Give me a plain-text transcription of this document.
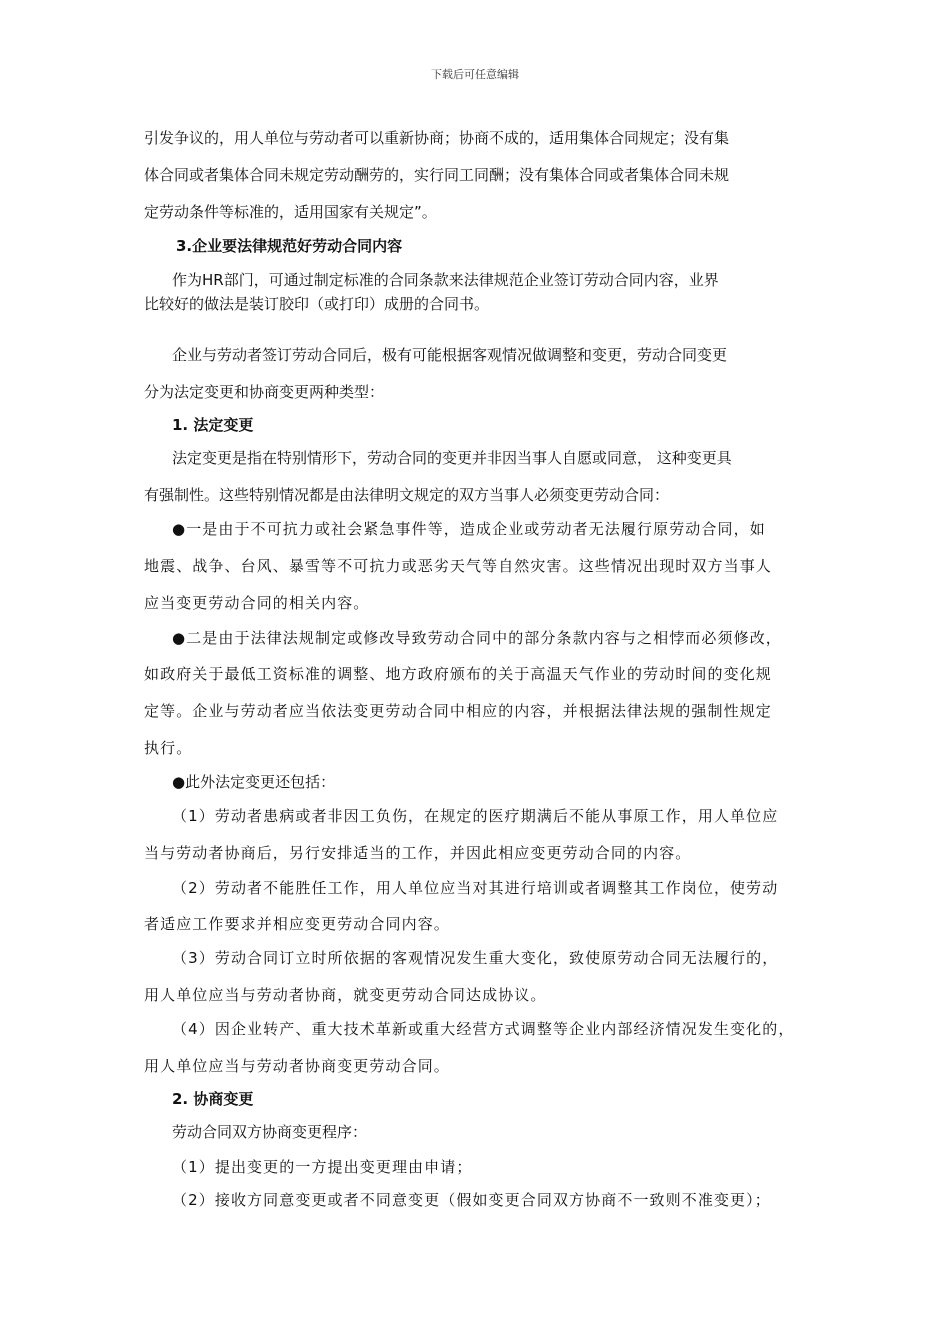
下载后可任意编辑
引发争议的，用人单位与劳动者可以重新协商；协商不成的，适用集体合同规定；没有集
体合同或者集体合同未规定劳动酬劳的，实行同工同酬；没有集体合同或者集体合同未规
定劳动条件等标准的，适用国家有关规定”。
3.企业要法律规范好劳动合同内容
作为HR部门，可通过制定标准的合同条款来法律规范企业签订劳动合同内容，业界
比较好的做法是装订胶印（或打印）成册的合同书。
企业与劳动者签订劳动合同后，极有可能根据客观情况做调整和变更，劳动合同变更
分为法定变更和协商变更两种类型：
1. 法定变更
法定变更是指在特别情形下，劳动合同的变更并非因当事人自愿或同意， 这种变更具
有强制性。这些特别情况都是由法律明文规定的双方当事人必须变更劳动合同：
●一是由于不可抗力或社会紧急事件等，造成企业或劳动者无法履行原劳动合同，如
地震、战争、台风、暴雪等不可抗力或恶劣天气等自然灾害。这些情况出现时双方当事人
应当变更劳动合同的相关内容。
●二是由于法律法规制定或修改导致劳动合同中的部分条款内容与之相悖而必须修改，
如政府关于最低工资标准的调整、地方政府颁布的关于高温天气作业的劳动时间的变化规
定等。企业与劳动者应当依法变更劳动合同中相应的内容，并根据法律法规的强制性规定
执行。
●此外法定变更还包括：
（1）劳动者患病或者非因工负伤，在规定的医疗期满后不能从事原工作，用人单位应
当与劳动者协商后，另行安排适当的工作，并因此相应变更劳动合同的内容。
（2）劳动者不能胜任工作，用人单位应当对其进行培训或者调整其工作岗位，使劳动
者适应工作要求并相应变更劳动合同内容。
（3）劳动合同订立时所依据的客观情况发生重大变化，致使原劳动合同无法履行的，
用人单位应当与劳动者协商，就变更劳动合同达成协议。
（4）因企业转产、重大技术革新或重大经营方式调整等企业内部经济情况发生变化的，
用人单位应当与劳动者协商变更劳动合同。
2. 协商变更
劳动合同双方协商变更程序：
（1）提出变更的一方提出变更理由申请；
（2）接收方同意变更或者不同意变更（假如变更合同双方协商不一致则不准变更）；
